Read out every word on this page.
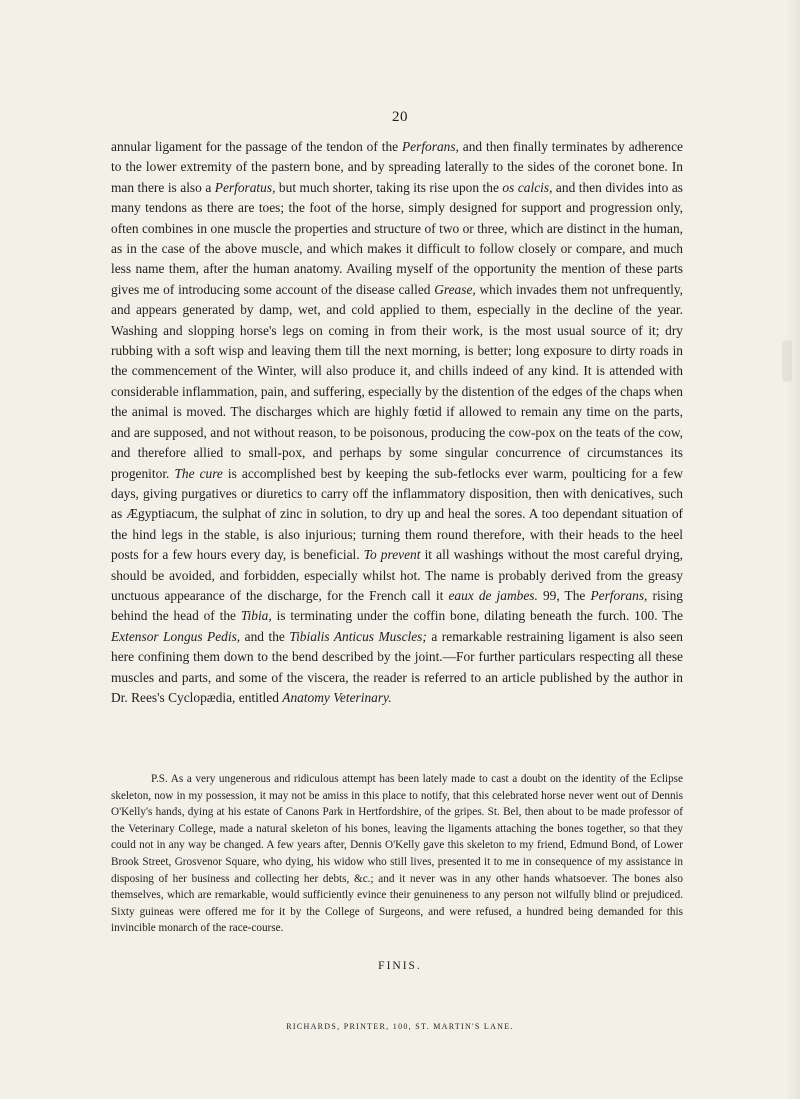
20

annular ligament for the passage of the tendon of the Perforans, and then finally terminates by adherence to the lower extremity of the pastern bone, and by spreading laterally to the sides of the coronet bone. In man there is also a Perforatus, but much shorter, taking its rise upon the os calcis, and then divides into as many tendons as there are toes; the foot of the horse, simply designed for support and progression only, often combines in one muscle the properties and structure of two or three, which are distinct in the human, as in the case of the above muscle, and which makes it difficult to follow closely or compare, and much less name them, after the human anatomy. Availing myself of the opportunity the mention of these parts gives me of introducing some account of the disease called Grease, which invades them not unfrequently, and appears generated by damp, wet, and cold applied to them, especially in the decline of the year. Washing and slopping horse's legs on coming in from their work, is the most usual source of it; dry rubbing with a soft wisp and leaving them till the next morning, is better; long exposure to dirty roads in the commencement of the Winter, will also produce it, and chills indeed of any kind. It is attended with considerable inflammation, pain, and suffering, especially by the distention of the edges of the chaps when the animal is moved. The discharges which are highly fœtid if allowed to remain any time on the parts, and are supposed, and not without reason, to be poisonous, producing the cow-pox on the teats of the cow, and therefore allied to small-pox, and perhaps by some singular concurrence of circumstances its progenitor. The cure is accomplished best by keeping the sub-fetlocks ever warm, poulticing for a few days, giving purgatives or diuretics to carry off the inflammatory disposition, then with denicatives, such as Ægyptiacum, the sulphat of zinc in solution, to dry up and heal the sores. A too dependant situation of the hind legs in the stable, is also injurious; turning them round therefore, with their heads to the heel posts for a few hours every day, is beneficial. To prevent it all washings without the most careful drying, should be avoided, and forbidden, especially whilst hot. The name is probably derived from the greasy unctuous appearance of the discharge, for the French call it eaux de jambes. 99, The Perforans, rising behind the head of the Tibia, is terminating under the coffin bone, dilating beneath the furch. 100. The Extensor Longus Pedis, and the Tibialis Anticus Muscles; a remarkable restraining ligament is also seen here confining them down to the bend described by the joint.—For further particulars respecting all these muscles and parts, and some of the viscera, the reader is referred to an article published by the author in Dr. Rees's Cyclopædia, entitled Anatomy Veterinary.

P.S. As a very ungenerous and ridiculous attempt has been lately made to cast a doubt on the identity of the Eclipse skeleton, now in my possession, it may not be amiss in this place to notify, that this celebrated horse never went out of Dennis O'Kelly's hands, dying at his estate of Canons Park in Hertfordshire, of the gripes. St. Bel, then about to be made professor of the Veterinary College, made a natural skeleton of his bones, leaving the ligaments attaching the bones together, so that they could not in any way be changed. A few years after, Dennis O'Kelly gave this skeleton to my friend, Edmund Bond, of Lower Brook Street, Grosvenor Square, who dying, his widow who still lives, presented it to me in consequence of my assistance in disposing of her business and collecting her debts, &c.; and it never was in any other hands whatsoever. The bones also themselves, which are remarkable, would sufficiently evince their genuineness to any person not wilfully blind or prejudiced. Sixty guineas were offered me for it by the College of Surgeons, and were refused, a hundred being demanded for this invincible monarch of the race-course.

FINIS.
RICHARDS, PRINTER, 100, ST. MARTIN'S LANE.
